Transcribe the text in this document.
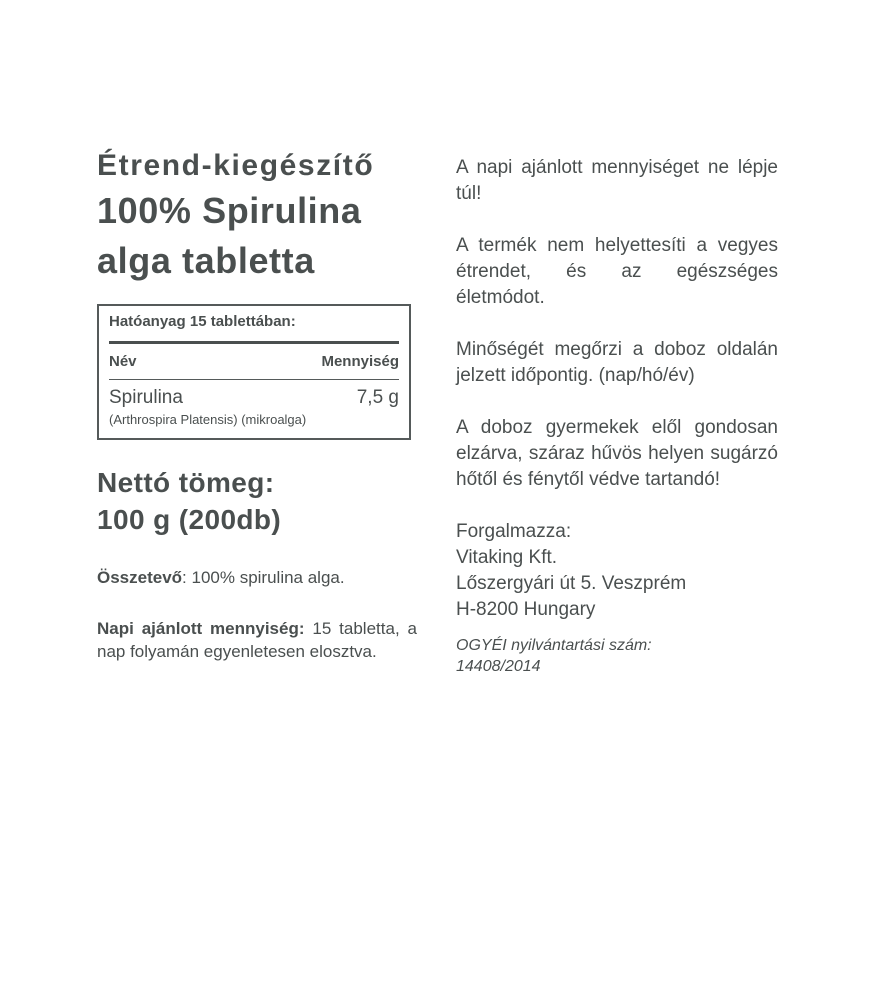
Étrend-kiegészítő
100% Spirulina
alga tabletta
Hatóanyag 15 tablettában:
Név	Mennyiség
Spirulina	7,5 g
(Arthrospira Platensis) (mikroalga)
Nettó tömeg:
100 g (200db)

Összetevő: 100% spirulina alga.

Napi ajánlott mennyiség: 15 tabletta, a nap folyamán egyenletesen elosztva.

A napi ajánlott mennyiséget ne lépje túl!

A termék nem helyettesíti a vegyes étrendet, és az egészséges életmódot.

Minőségét megőrzi a doboz oldalán jelzett időpontig. (nap/hó/év)

A doboz gyermekek elől gondosan elzárva, száraz hűvös helyen sugárzó hőtől és fénytől védve tartandó!

Forgalmazza:
Vitaking Kft.
Lőszergyári út 5. Veszprém
H-8200 Hungary

OGYÉI nyilvántartási szám:
14408/2014
